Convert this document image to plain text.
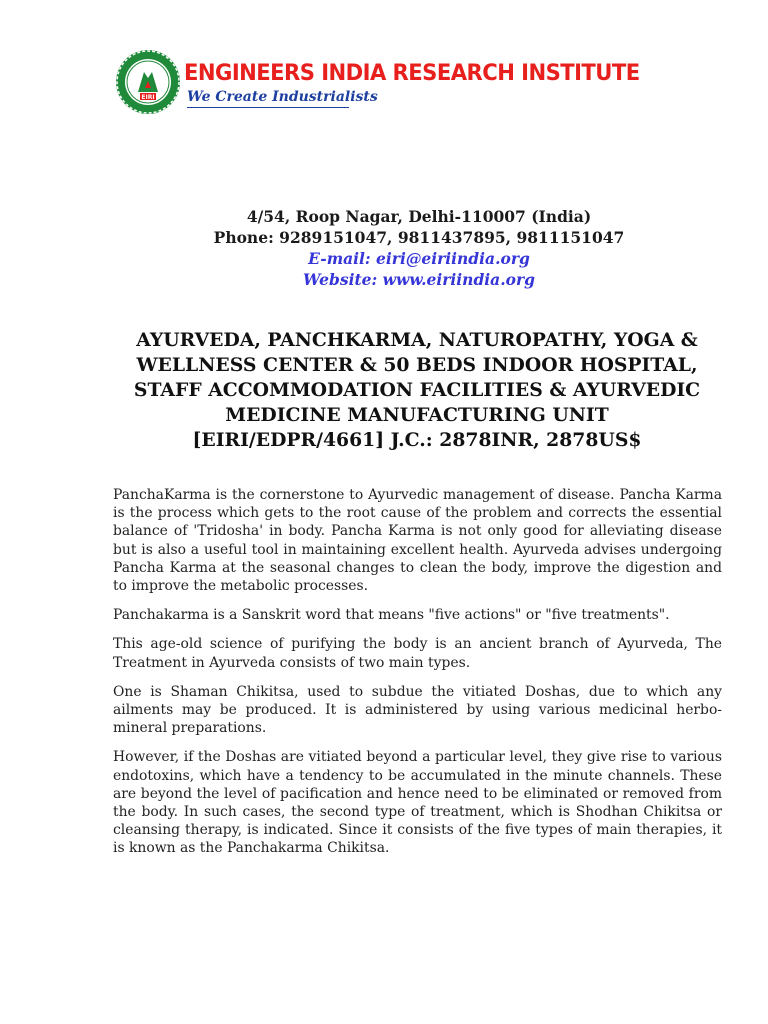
EIRI
ENGINEERS INDIA RESEARCH INSTITUTE
We Create Industrialists
4/54, Roop Nagar, Delhi-110007 (India)
Phone: 9289151047, 9811437895, 9811151047
E-mail: eiri@eiriindia.org
Website: www.eiriindia.org
AYURVEDA, PANCHKARMA, NATUROPATHY, YOGA &
WELLNESS CENTER & 50 BEDS INDOOR HOSPITAL,
STAFF ACCOMMODATION FACILITIES & AYURVEDIC
MEDICINE MANUFACTURING UNIT
[EIRI/EDPR/4661] J.C.: 2878INR, 2878US$

PanchaKarma is the cornerstone to Ayurvedic management of disease. Pancha Karma is the process which gets to the root cause of the problem and corrects the essential balance of 'Tridosha' in body. Pancha Karma is not only good for alleviating disease but is also a useful tool in maintaining excellent health. Ayurveda advises undergoing Pancha Karma at the seasonal changes to clean the body, improve the digestion and to improve the metabolic processes.

Panchakarma is a Sanskrit word that means "five actions" or "five treatments".

This age-old science of purifying the body is an ancient branch of Ayurveda, The Treatment in Ayurveda consists of two main types.

One is Shaman Chikitsa, used to subdue the vitiated Doshas, due to which any ailments may be produced. It is administered by using various medicinal herbo-mineral preparations.

However, if the Doshas are vitiated beyond a particular level, they give rise to various endotoxins, which have a tendency to be accumulated in the minute channels. These are beyond the level of pacification and hence need to be eliminated or removed from the body. In such cases, the second type of treatment, which is Shodhan Chikitsa or cleansing therapy, is indicated. Since it consists of the five types of main therapies, it is known as the Panchakarma Chikitsa.
